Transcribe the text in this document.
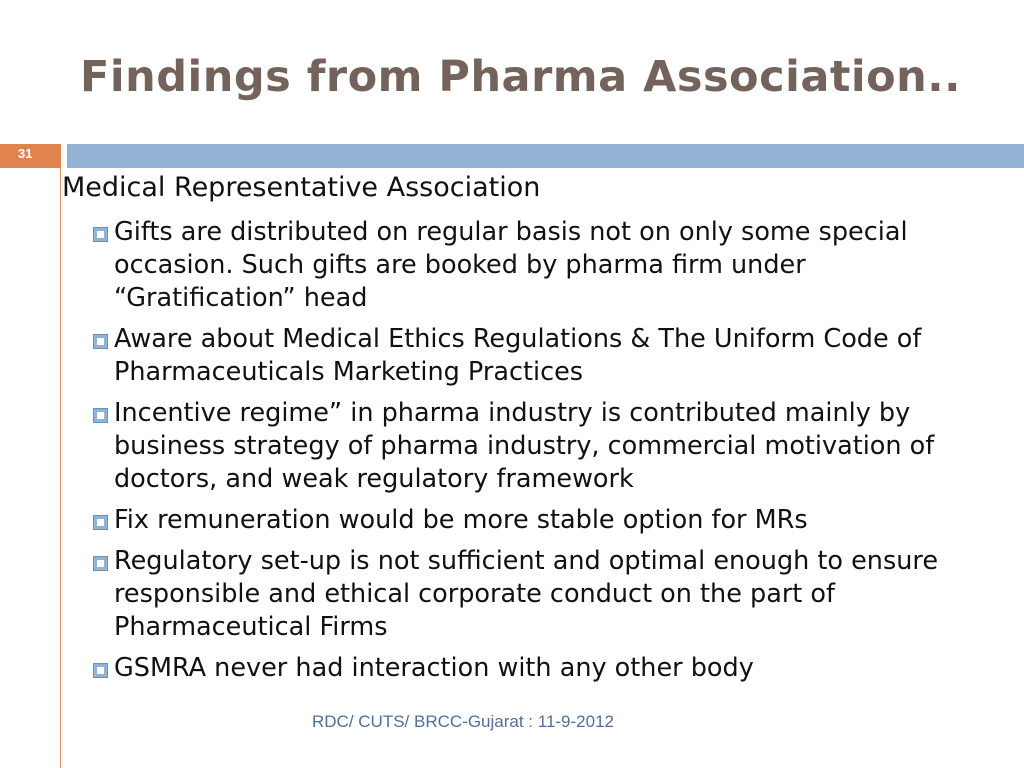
Findings from Pharma Association..
31
Medical Representative Association
Gifts are distributed on regular basis not on only some special occasion. Such gifts are booked by pharma firm under “Gratification” head
Aware about Medical Ethics Regulations & The Uniform Code of Pharmaceuticals Marketing Practices
Incentive regime” in pharma industry is contributed mainly by business strategy of pharma industry, commercial motivation of doctors, and weak regulatory framework
Fix remuneration would be more stable option for MRs
Regulatory set-up is not sufficient and optimal enough to ensure responsible and ethical corporate conduct on the part of Pharmaceutical Firms
GSMRA never had interaction with any other body
RDC/ CUTS/ BRCC-Gujarat : 11-9-2012
